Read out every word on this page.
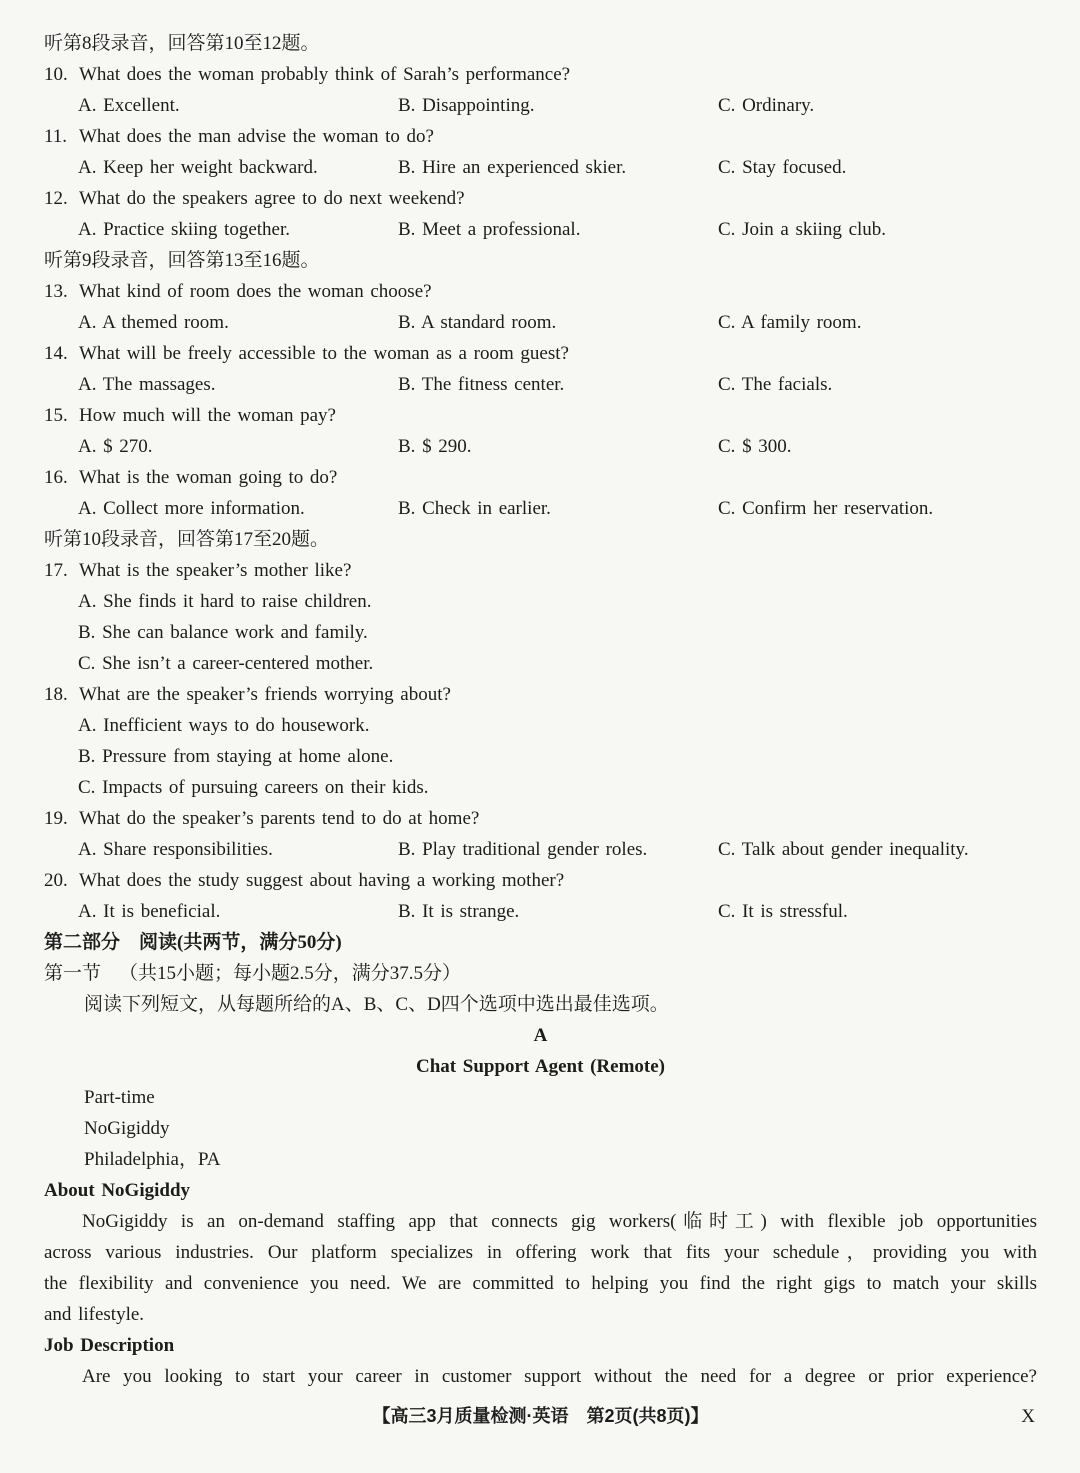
听第8段录音，回答第10至12题。
10. What does the woman probably think of Sarah’s performance?
A. Excellent.	B. Disappointing.	C. Ordinary.
11. What does the man advise the woman to do?
A. Keep her weight backward.	B. Hire an experienced skier.	C. Stay focused.
12. What do the speakers agree to do next weekend?
A. Practice skiing together.	B. Meet a professional.	C. Join a skiing club.
听第9段录音，回答第13至16题。
13. What kind of room does the woman choose?
A. A themed room.	B. A standard room.	C. A family room.
14. What will be freely accessible to the woman as a room guest?
A. The massages.	B. The fitness center.	C. The facials.
15. How much will the woman pay?
A. $ 270.	B. $ 290.	C. $ 300.
16. What is the woman going to do?
A. Collect more information.	B. Check in earlier.	C. Confirm her reservation.
听第10段录音，回答第17至20题。
17. What is the speaker’s mother like?
A. She finds it hard to raise children.
B. She can balance work and family.
C. She isn’t a career-centered mother.
18. What are the speaker’s friends worrying about?
A. Inefficient ways to do housework.
B. Pressure from staying at home alone.
C. Impacts of pursuing careers on their kids.
19. What do the speaker’s parents tend to do at home?
A. Share responsibilities.	B. Play traditional gender roles.	C. Talk about gender inequality.
20. What does the study suggest about having a working mother?
A. It is beneficial.	B. It is strange.	C. It is stressful.
第二部分　阅读(共两节，满分50分)
第一节 （共15小题；每小题2.5分，满分37.5分）
阅读下列短文，从每题所给的A、B、C、D四个选项中选出最佳选项。
A
Chat Support Agent (Remote)
Part-time
NoGigiddy
Philadelphia，PA
About NoGigiddy
NoGigiddy is an on-demand staffing app that connects gig workers(临时工) with flexible job opportunities
across various industries. Our platform specializes in offering work that fits your schedule，providing you with
the flexibility and convenience you need. We are committed to helping you find the right gigs to match your skills
and lifestyle.
Job Description
Are you looking to start your career in customer support without the need for a degree or prior experience?
【高三3月质量检测·英语　第2页(共8页)】	X
